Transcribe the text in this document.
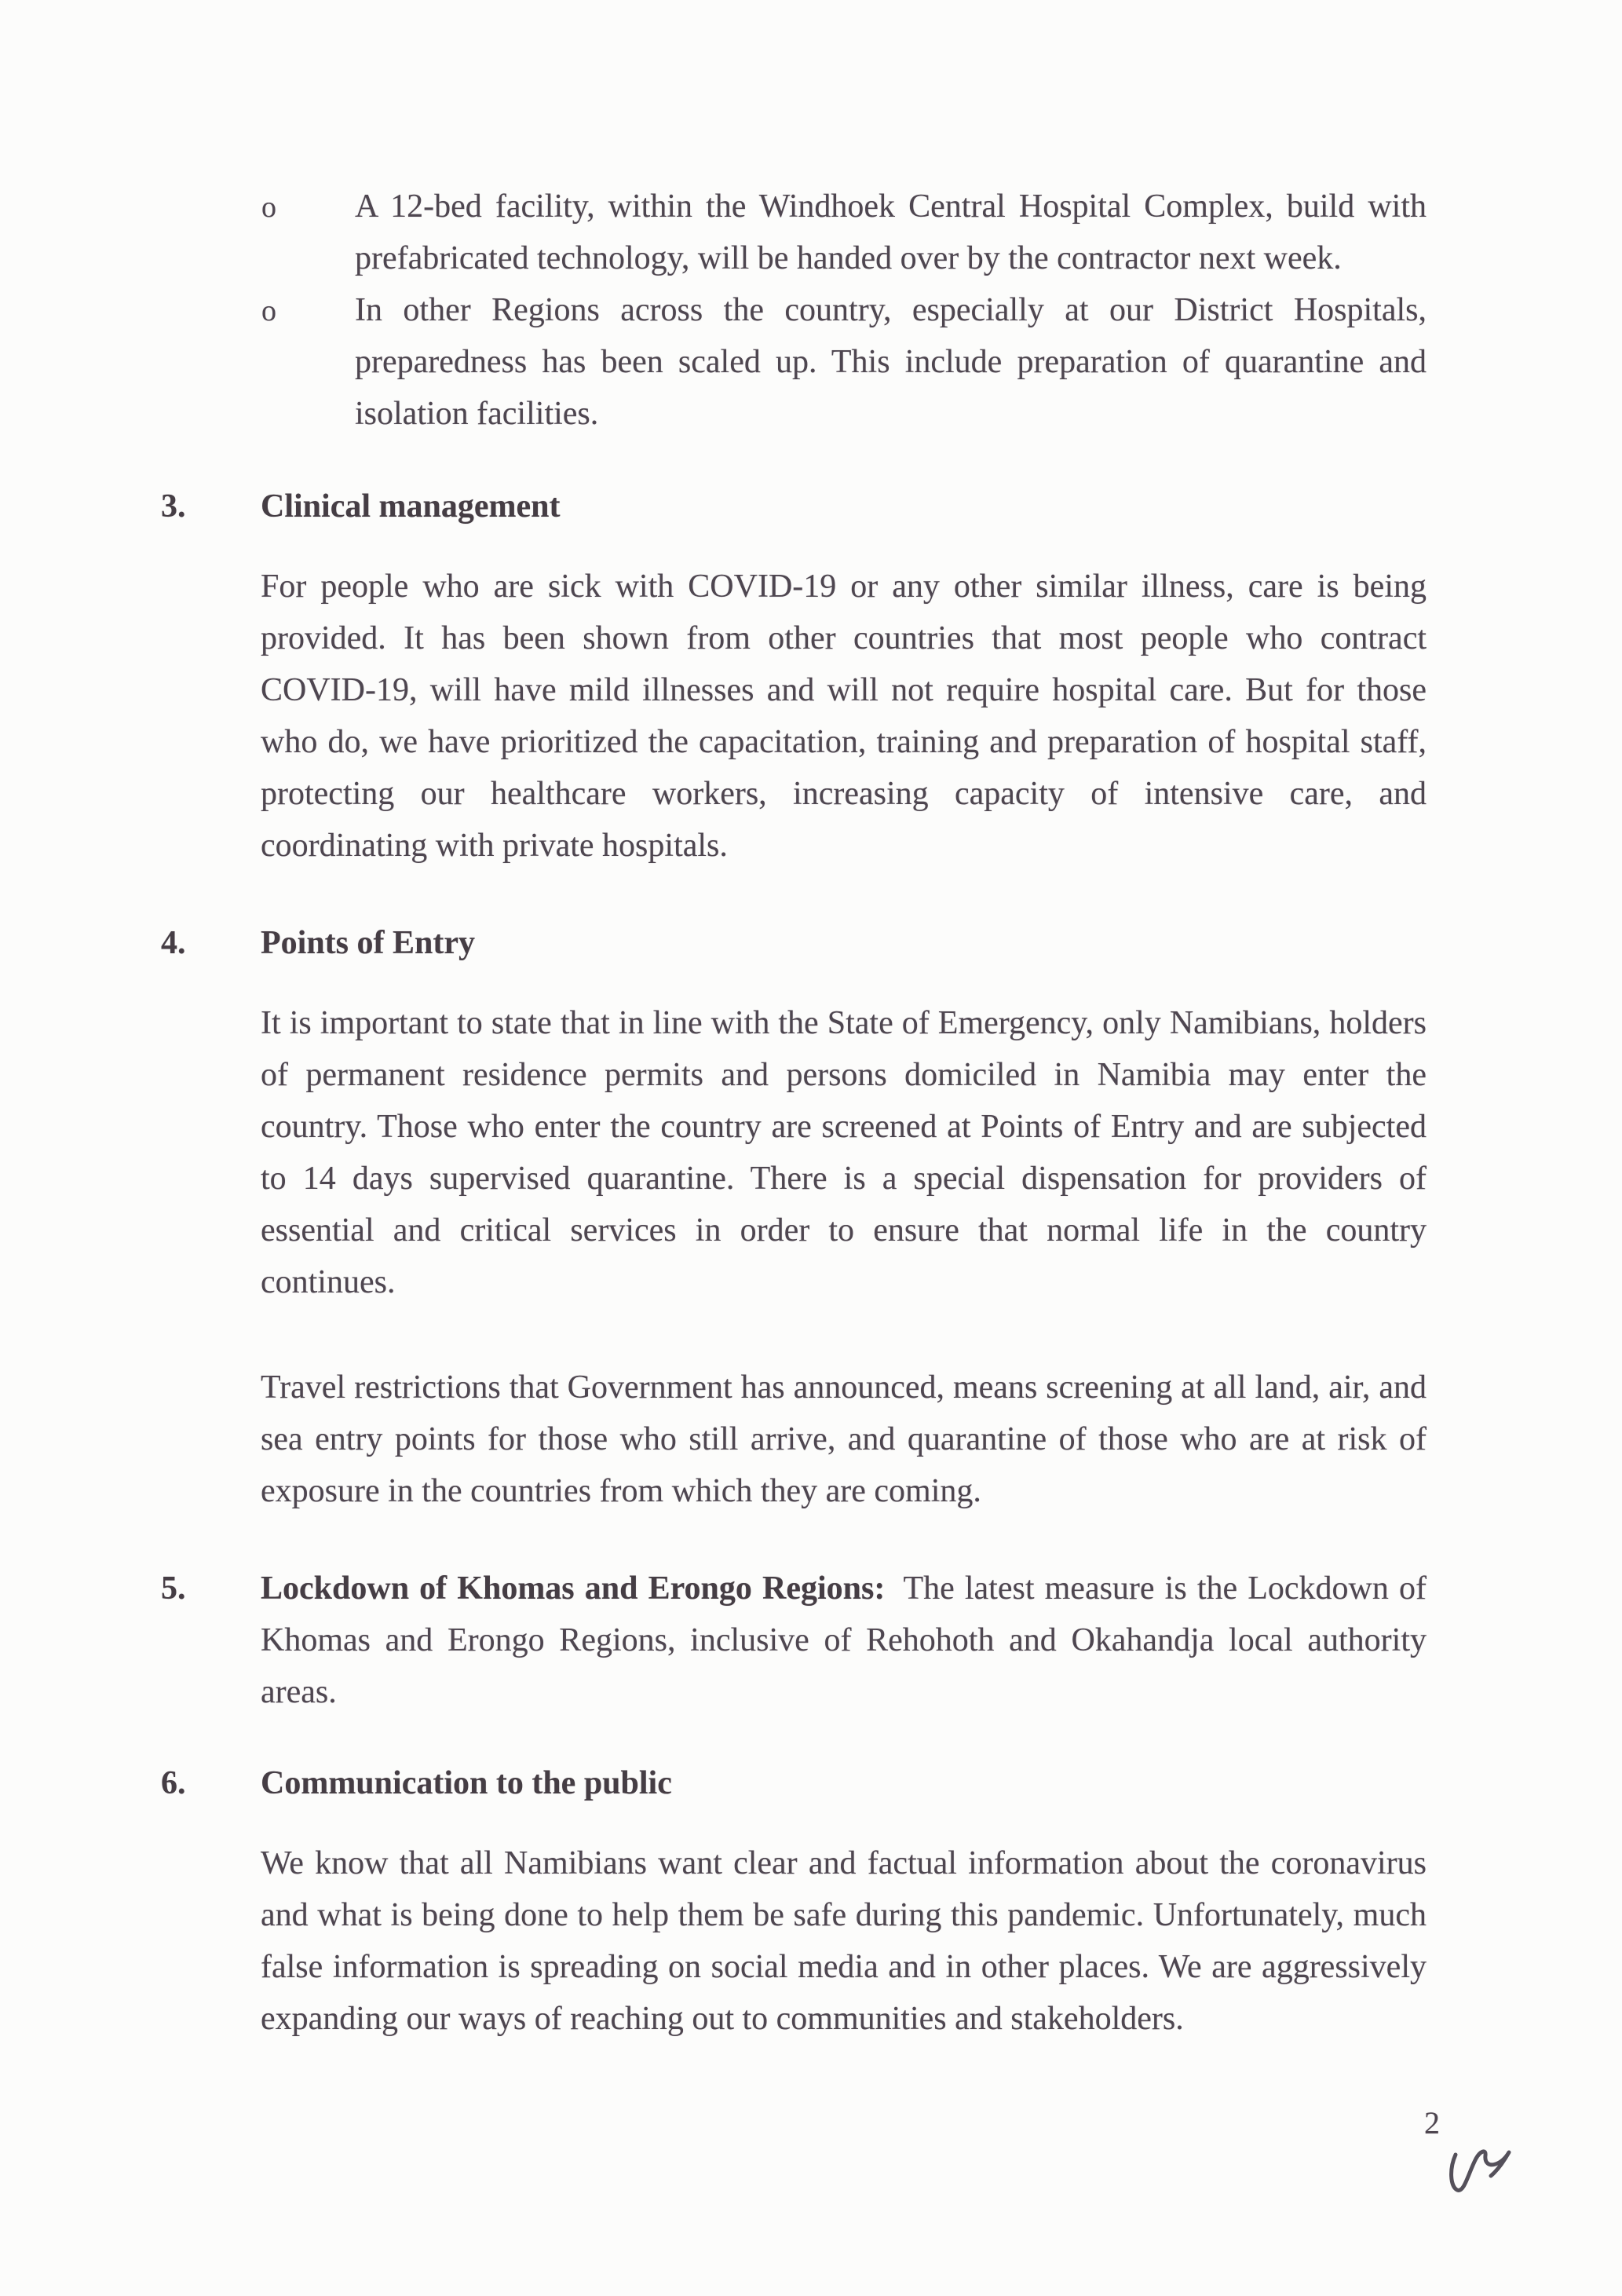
o	A 12-bed facility, within the Windhoek Central Hospital Complex, build with prefabricated technology, will be handed over by the contractor next week.
o	In other Regions across the country, especially at our District Hospitals, preparedness has been scaled up. This include preparation of quarantine and isolation facilities.
3.	Clinical management

For people who are sick with COVID-19 or any other similar illness, care is being provided. It has been shown from other countries that most people who contract COVID-19, will have mild illnesses and will not require hospital care. But for those who do, we have prioritized the capacitation, training and preparation of hospital staff, protecting our healthcare workers, increasing capacity of intensive care, and coordinating with private hospitals.

4.	Points of Entry

It is important to state that in line with the State of Emergency, only Namibians, holders of permanent residence permits and persons domiciled in Namibia may enter the country. Those who enter the country are screened at Points of Entry and are subjected to 14 days supervised quarantine. There is a special dispensation for providers of essential and critical services in order to ensure that normal life in the country continues.

Travel restrictions that Government has announced, means screening at all land, air, and sea entry points for those who still arrive, and quarantine of those who are at risk of exposure in the countries from which they are coming.

5.	Lockdown of Khomas and Erongo Regions: The latest measure is the Lockdown of Khomas and Erongo Regions, inclusive of Rehohoth and Okahandja local authority areas.
6.	Communication to the public

We know that all Namibians want clear and factual information about the coronavirus and what is being done to help them be safe during this pandemic. Unfortunately, much false information is spreading on social media and in other places. We are aggressively expanding our ways of reaching out to communities and stakeholders.

2
